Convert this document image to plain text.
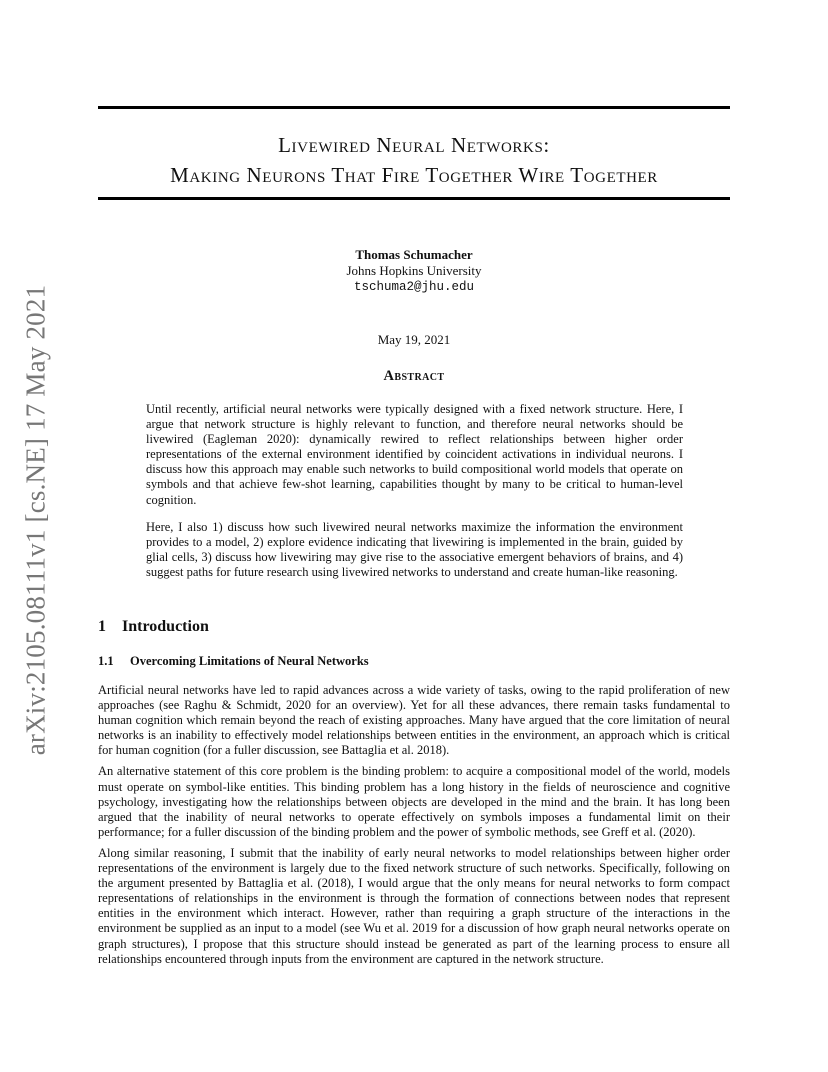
arXiv:2105.08111v1 [cs.NE] 17 May 2021
Livewired Neural Networks:
Making Neurons That Fire Together Wire Together
Thomas Schumacher
Johns Hopkins University
tschuma2@jhu.edu
May 19, 2021
Abstract

Until recently, artificial neural networks were typically designed with a fixed network structure. Here, I argue that network structure is highly relevant to function, and therefore neural networks should be livewired (Eagleman 2020): dynamically rewired to reflect relationships between higher order representations of the external environment identified by coincident activations in individual neurons. I discuss how this approach may enable such networks to build compositional world models that operate on symbols and that achieve few-shot learning, capabilities thought by many to be critical to human-level cognition.

Here, I also 1) discuss how such livewired neural networks maximize the information the environment provides to a model, 2) explore evidence indicating that livewiring is implemented in the brain, guided by glial cells, 3) discuss how livewiring may give rise to the associative emergent behaviors of brains, and 4) suggest paths for future research using livewired networks to understand and create human-like reasoning.

1 Introduction
1.1 Overcoming Limitations of Neural Networks

Artificial neural networks have led to rapid advances across a wide variety of tasks, owing to the rapid proliferation of new approaches (see Raghu & Schmidt, 2020 for an overview). Yet for all these advances, there remain tasks fundamental to human cognition which remain beyond the reach of existing approaches. Many have argued that the core limitation of neural networks is an inability to effectively model relationships between entities in the environment, an approach which is critical for human cognition (for a fuller discussion, see Battaglia et al. 2018).

An alternative statement of this core problem is the binding problem: to acquire a compositional model of the world, models must operate on symbol-like entities. This binding problem has a long history in the fields of neuroscience and cognitive psychology, investigating how the relationships between objects are developed in the mind and the brain. It has long been argued that the inability of neural networks to operate effectively on symbols imposes a fundamental limit on their performance; for a fuller discussion of the binding problem and the power of symbolic methods, see Greff et al. (2020).

Along similar reasoning, I submit that the inability of early neural networks to model relationships between higher order representations of the environment is largely due to the fixed network structure of such networks. Specifically, following on the argument presented by Battaglia et al. (2018), I would argue that the only means for neural networks to form compact representations of relationships in the environment is through the formation of connections between nodes that represent entities in the environment which interact. However, rather than requiring a graph structure of the interactions in the environment be supplied as an input to a model (see Wu et al. 2019 for a discussion of how graph neural networks operate on graph structures), I propose that this structure should instead be generated as part of the learning process to ensure all relationships encountered through inputs from the environment are captured in the network structure.
